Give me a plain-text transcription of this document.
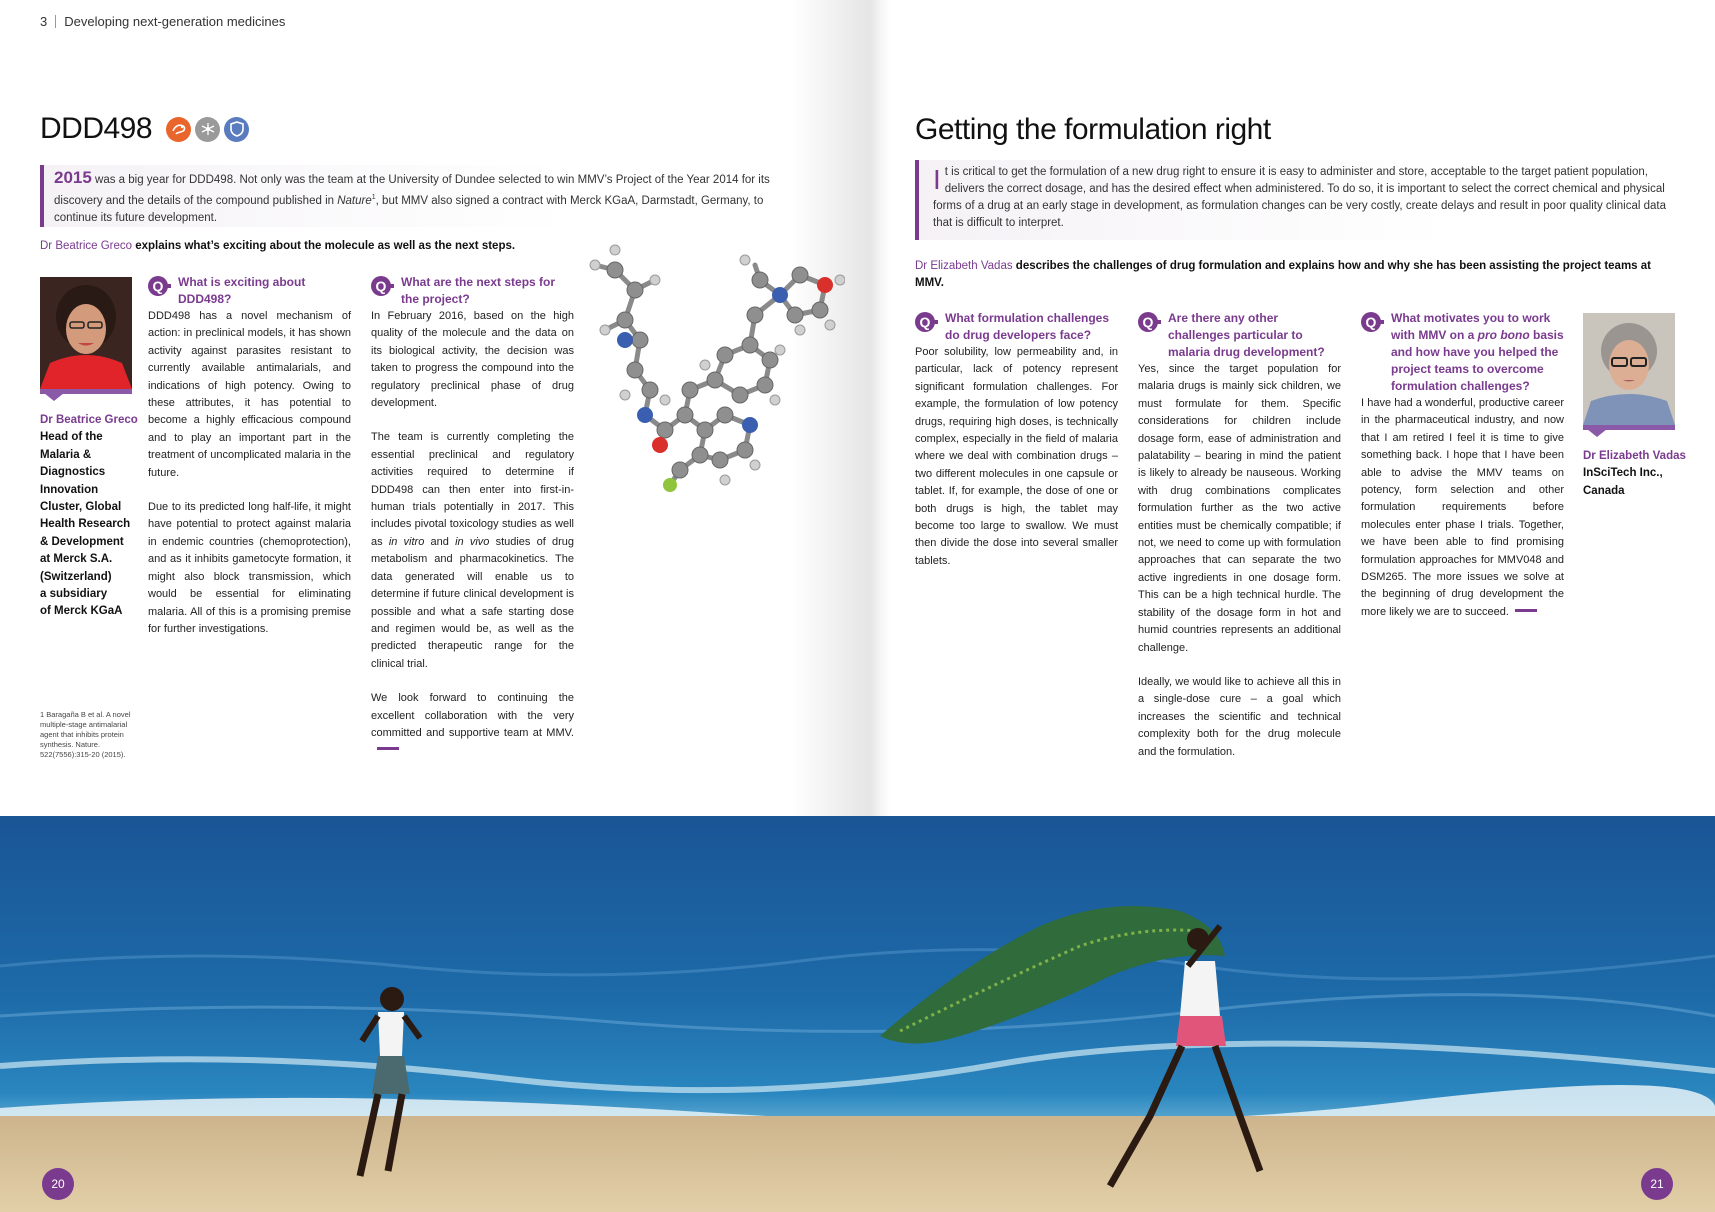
3 Developing next-generation medicines
DDD498
2015 was a big year for DDD498. Not only was the team at the University of Dundee selected to win MMV’s Project of the Year 2014 for its discovery and the details of the compound published in Nature$^1$, but MMV also signed a contract with Merck KGaA, Darmstadt, Germany, to continue its future development.
Dr Beatrice Greco explains what’s exciting about the molecule as well as the next steps.
Dr Beatrice Greco
Head of the
Malaria &
Diagnostics
Innovation
Cluster, Global
Health Research
& Development
at Merck S.A.
(Switzerland)
a subsidiary
of Merck KGaA
Q	What is exciting about DDD498?

DDD498 has a novel mechanism of action: in preclinical models, it has shown activity against parasites resistant to currently available antimalarials, and indications of high potency. Owing to these attributes, it has potential to become a highly efficacious compound and to play an important part in the treatment of uncomplicated malaria in the future.

Due to its predicted long half-life, it might have potential to protect against malaria in endemic countries (chemoprotection), and as it inhibits gametocyte formation, it might also block transmission, which would be essential for eliminating malaria. All of this is a promising premise for further investigations.

Q	What are the next steps for the project?

In February 2016, based on the high quality of the molecule and the data on its biological activity, the decision was taken to progress the compound into the regulatory preclinical phase of drug development.

The team is currently completing the essential preclinical and regulatory activities required to determine if DDD498 can then enter into first-in-human trials potentially in 2017. This includes pivotal toxicology studies as well as in vitro and in vivo studies of drug metabolism and pharmacokinetics. The data generated will enable us to determine if future clinical development is possible and what a safe starting dose and regimen would be, as well as the predicted therapeutic range for the clinical trial.

We look forward to continuing the excellent collaboration with the very committed and supportive team at MMV.

1 Baragaña B et al. A novel multiple-stage antimalarial agent that inhibits protein synthesis. Nature. 522(7556):315-20 (2015).
Getting the formulation right
It is critical to get the formulation of a new drug right to ensure it is easy to administer and store, acceptable to the target patient population, delivers the correct dosage, and has the desired effect when administered. To do so, it is important to select the correct chemical and physical forms of a drug at an early stage in development, as formulation changes can be very costly, create delays and result in poor quality clinical data that is difficult to interpret.
Dr Elizabeth Vadas describes the challenges of drug formulation and explains how and why she has been assisting the project teams at MMV.
Q	What formulation challenges do drug developers face?

Poor solubility, low permeability and, in particular, lack of potency represent significant formulation challenges. For example, the formulation of low potency drugs, requiring high doses, is technically complex, especially in the field of malaria where we deal with combination drugs – two different molecules in one capsule or tablet. If, for example, the dose of one or both drugs is high, the tablet may become too large to swallow. We must then divide the dose into several smaller tablets.

Q	Are there any other challenges particular to malaria drug development?

Yes, since the target population for malaria drugs is mainly sick children, we must formulate for them. Specific considerations for children include dosage form, ease of administration and palatability – bearing in mind the patient is likely to already be nauseous. Working with drug combinations complicates formulation further as the two active entities must be chemically compatible; if not, we need to come up with formulation approaches that can separate the two active ingredients in one dosage form. This can be a high technical hurdle. The stability of the dosage form in hot and humid countries represents an additional challenge.

Ideally, we would like to achieve all this in a single-dose cure – a goal which increases the scientific and technical complexity both for the drug molecule and the formulation.

Q	What motivates you to work with MMV on a pro bono basis and how have you helped the project teams to overcome formulation challenges?

I have had a wonderful, productive career in the pharmaceutical industry, and now that I am retired I feel it is time to give something back. I hope that I have been able to advise the MMV teams on potency, form selection and other formulation requirements before molecules enter phase I trials. Together, we have been able to find promising formulation approaches for MMV048 and DSM265. The more issues we solve at the beginning of drug development the more likely we are to succeed.

Dr Elizabeth Vadas
InSciTech Inc.,
Canada
20	21
